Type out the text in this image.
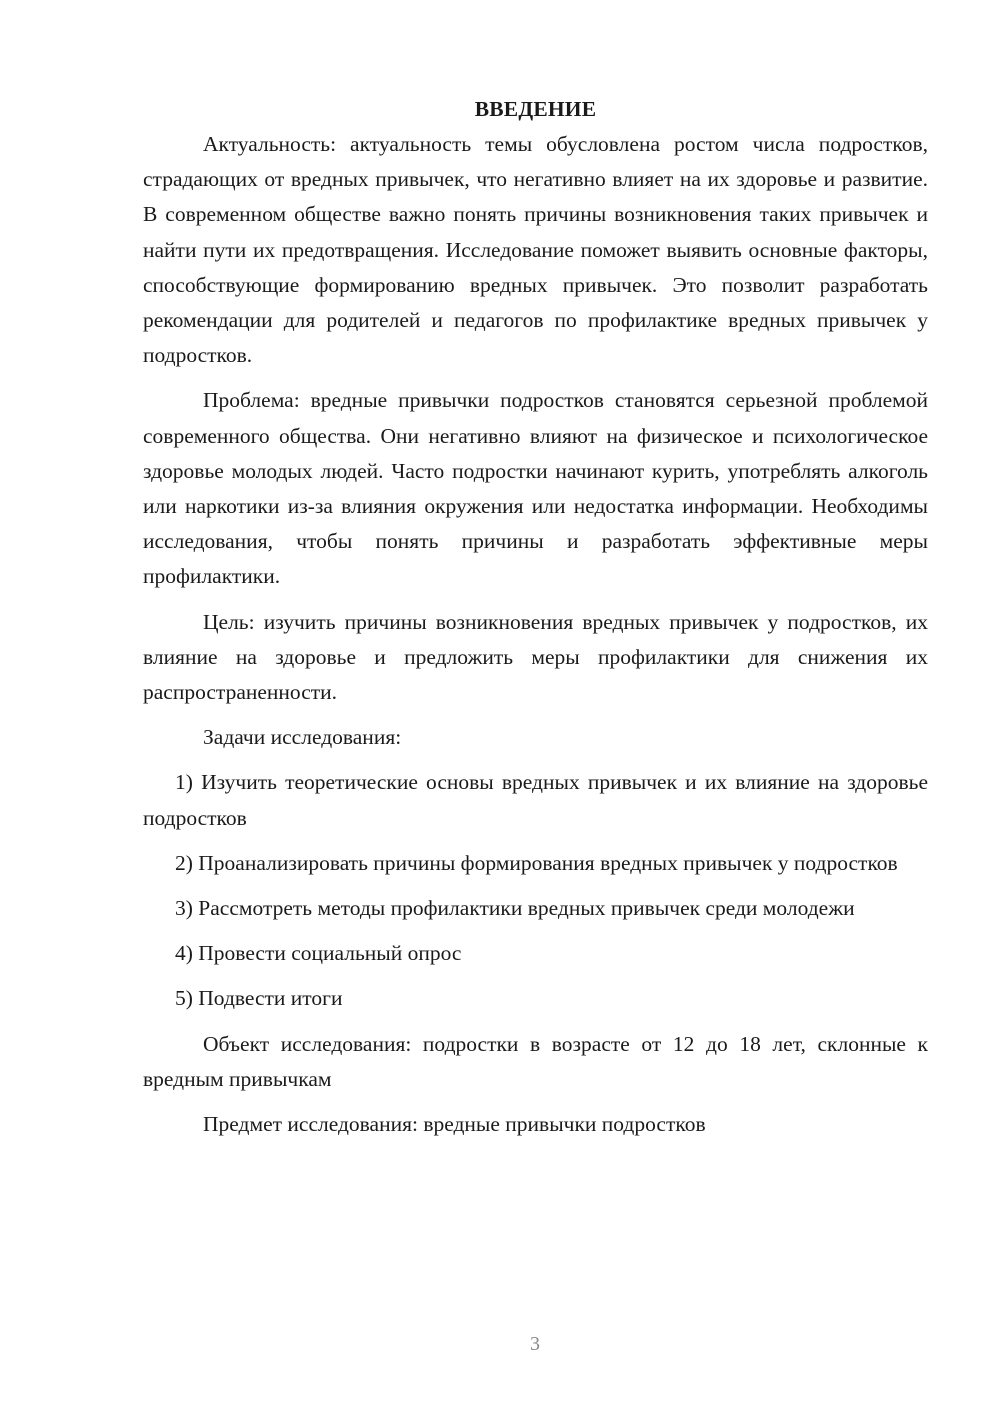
ВВЕДЕНИЕ

Актуальность: актуальность темы обусловлена ростом числа подростков, страдающих от вредных привычек, что негативно влияет на их здоровье и развитие. В современном обществе важно понять причины возникновения таких привычек и найти пути их предотвращения. Исследование поможет выявить основные факторы, способствующие формированию вредных привычек. Это позволит разработать рекомендации для родителей и педагогов по профилактике вредных привычек у подростков.

Проблема: вредные привычки подростков становятся серьезной проблемой современного общества. Они негативно влияют на физическое и психологическое здоровье молодых людей. Часто подростки начинают курить, употреблять алкоголь или наркотики из-за влияния окружения или недостатка информации. Необходимы исследования, чтобы понять причины и разработать эффективные меры профилактики.

Цель: изучить причины возникновения вредных привычек у подростков, их влияние на здоровье и предложить меры профилактики для снижения их распространенности.

Задачи исследования:

1) Изучить теоретические основы вредных привычек и их влияние на здоровье подростков

2) Проанализировать причины формирования вредных привычек у подростков

3) Рассмотреть методы профилактики вредных привычек среди молодежи

4) Провести социальный опрос

5) Подвести итоги

Объект исследования: подростки в возрасте от 12 до 18 лет, склонные к вредным привычкам

Предмет исследования: вредные привычки подростков

3
